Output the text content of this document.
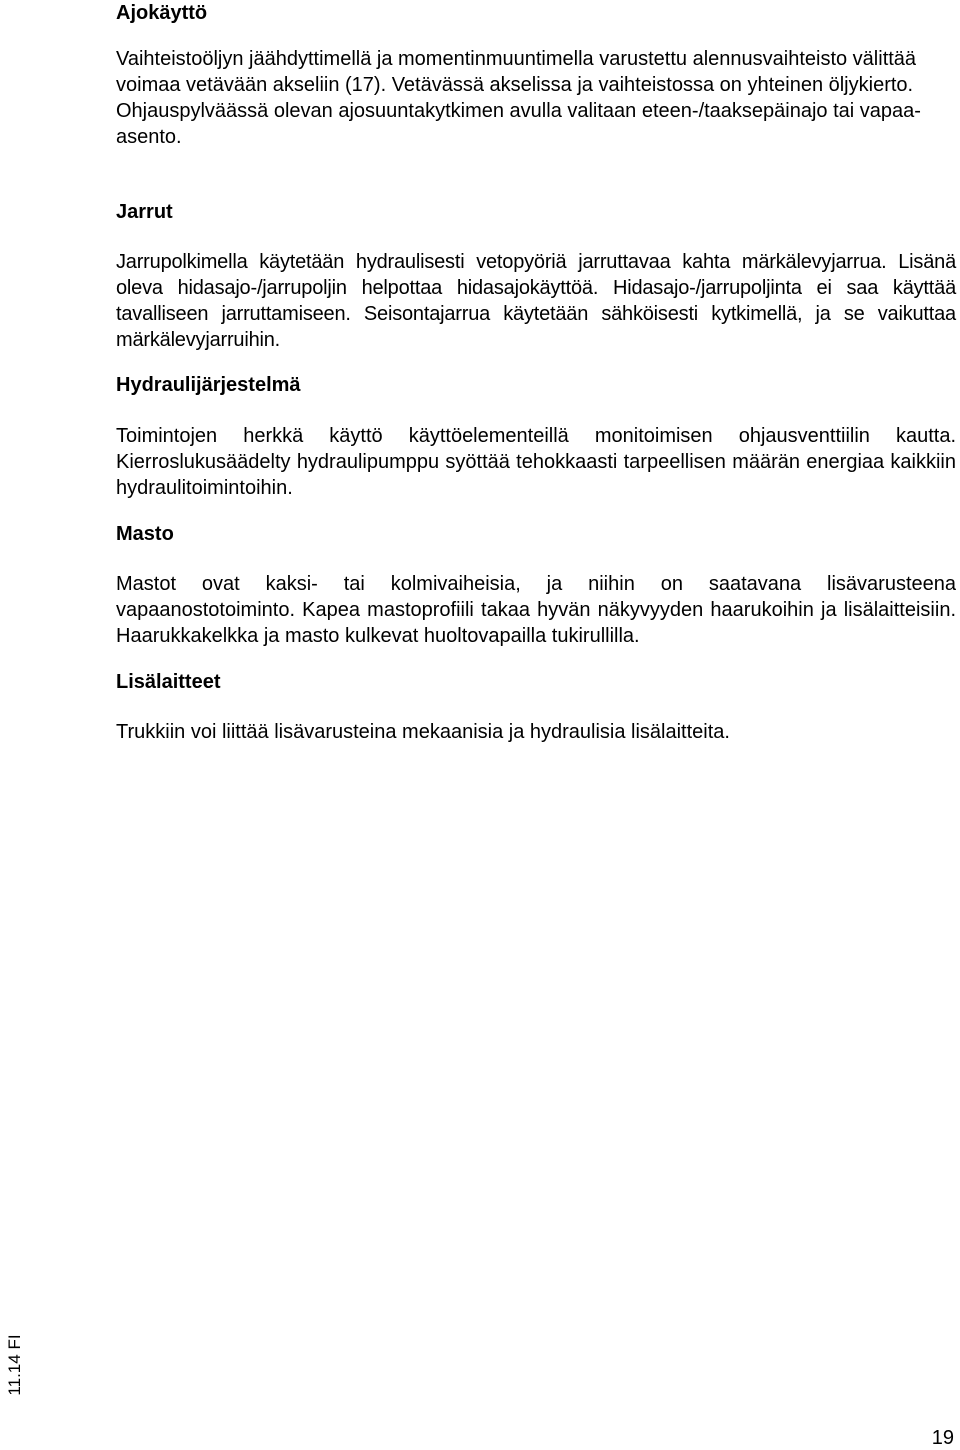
Ajokäyttö

Vaihteistoöljyn jäähdyttimellä ja momentinmuuntimella varustettu alennusvaihteisto välittää voimaa vetävään akseliin (17). Vetävässä akselissa ja vaihteistossa on yhteinen öljykierto. Ohjauspylväässä olevan ajosuuntakytkimen avulla valitaan eteen-/taaksepäinajo tai vapaa-asento.

Jarrut

Jarrupolkimella käytetään hydraulisesti vetopyöriä jarruttavaa kahta märkälevyjarrua. Lisänä oleva hidasajo-/jarrupoljin helpottaa hidasajokäyttöä. Hidasajo-/jarrupoljinta ei saa käyttää tavalliseen jarruttamiseen. Seisontajarrua käytetään sähköisesti kytkimellä, ja se vaikuttaa märkälevyjarruihin.

Hydraulijärjestelmä

Toimintojen herkkä käyttö käyttöelementeillä monitoimisen ohjausventtiilin kautta. Kierroslukusäädelty hydraulipumppu syöttää tehokkaasti tarpeellisen määrän energiaa kaikkiin hydraulitoimintoihin.

Masto

Mastot ovat kaksi- tai kolmivaiheisia, ja niihin on saatavana lisävarusteena vapaanostotoiminto. Kapea mastoprofiili takaa hyvän näkyvyyden haarukoihin ja lisälaitteisiin. Haarukkakelkka ja masto kulkevat huoltovapailla tukirullilla.

Lisälaitteet

Trukkiin voi liittää lisävarusteina mekaanisia ja hydraulisia lisälaitteita.

11.14 FI
19
